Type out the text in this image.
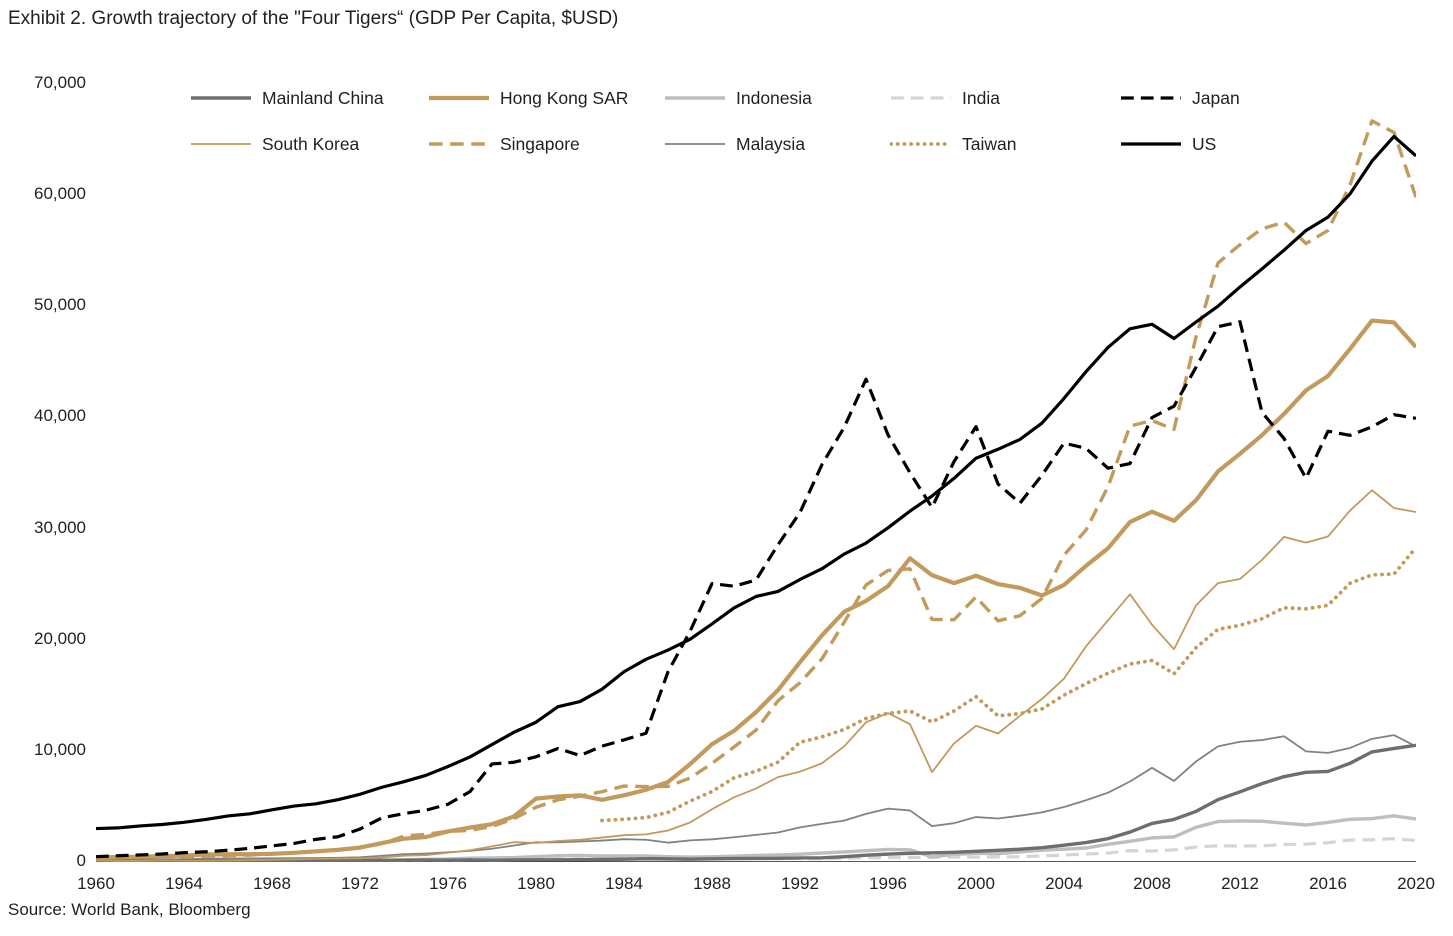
Exhibit 2. Growth trajectory of the "Four Tigers“ (GDP Per Capita, $USD)
Mainland China	Hong Kong SAR	Indonesia	India	Japan
South Korea	Singapore	Malaysia	Taiwan	US
Source: World Bank, Bloomberg
0
10,000
20,000
30,000
40,000
50,000
60,000
70,000
1960	1964	1968	1972	1976	1980	1984	1988	1992	1996	2000	2004	2008	2012	2016	2020
